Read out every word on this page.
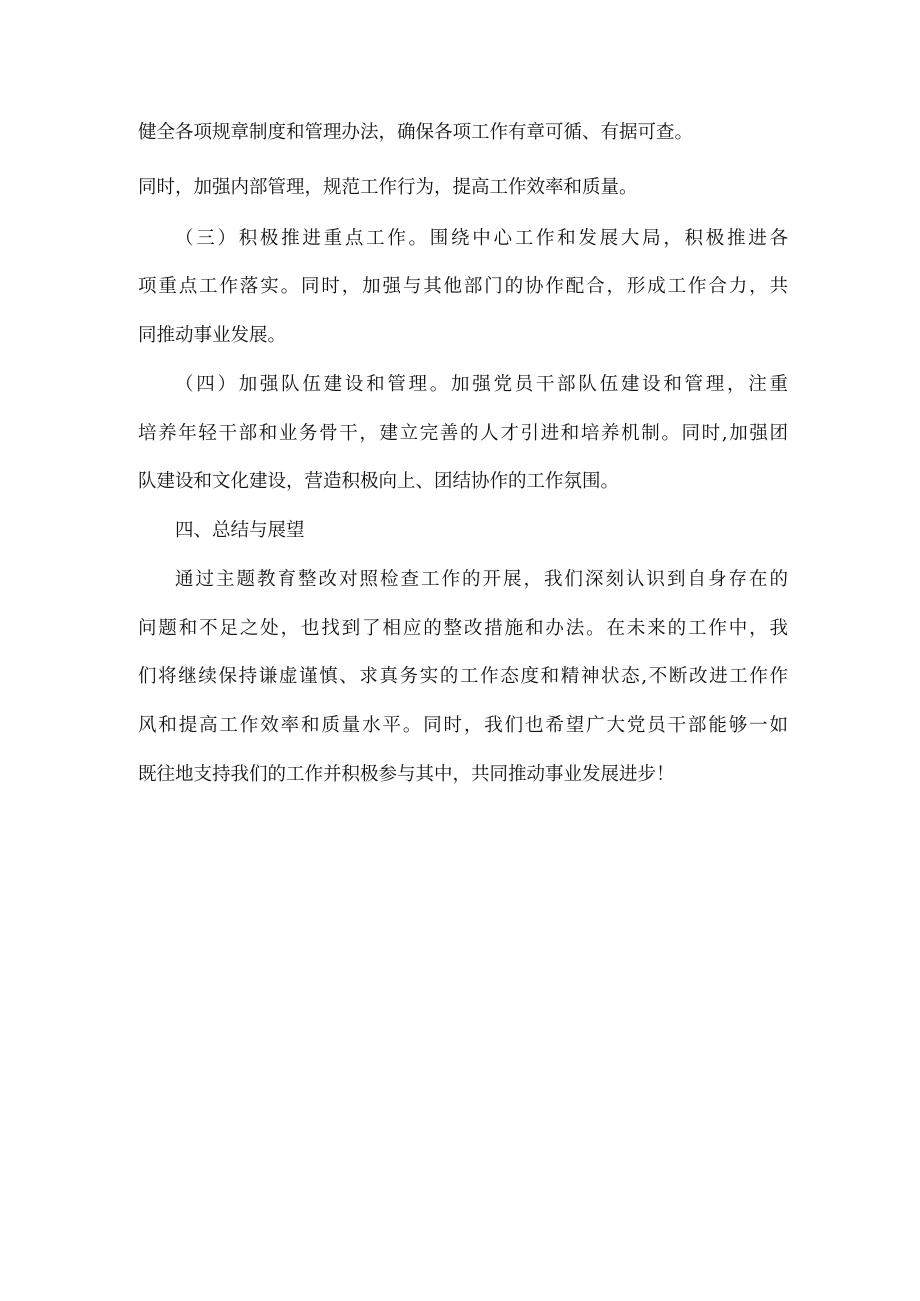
健全各项规章制度和管理办法，确保各项工作有章可循、有据可查。

同时，加强内部管理，规范工作行为，提高工作效率和质量。

（三）积极推进重点工作。围绕中心工作和发展大局，积极推进各

项重点工作落实。同时，加强与其他部门的协作配合，形成工作合力，共

同推动事业发展。

（四）加强队伍建设和管理。加强党员干部队伍建设和管理，注重

培养年轻干部和业务骨干，建立完善的人才引进和培养机制。同时,加强团

队建设和文化建设，营造积极向上、团结协作的工作氛围。

四、总结与展望

通过主题教育整改对照检查工作的开展，我们深刻认识到自身存在的

问题和不足之处，也找到了相应的整改措施和办法。在未来的工作中，我

们将继续保持谦虚谨慎、求真务实的工作态度和精神状态,不断改进工作作

风和提高工作效率和质量水平。同时，我们也希望广大党员干部能够一如

既往地支持我们的工作并积极参与其中，共同推动事业发展进步！
